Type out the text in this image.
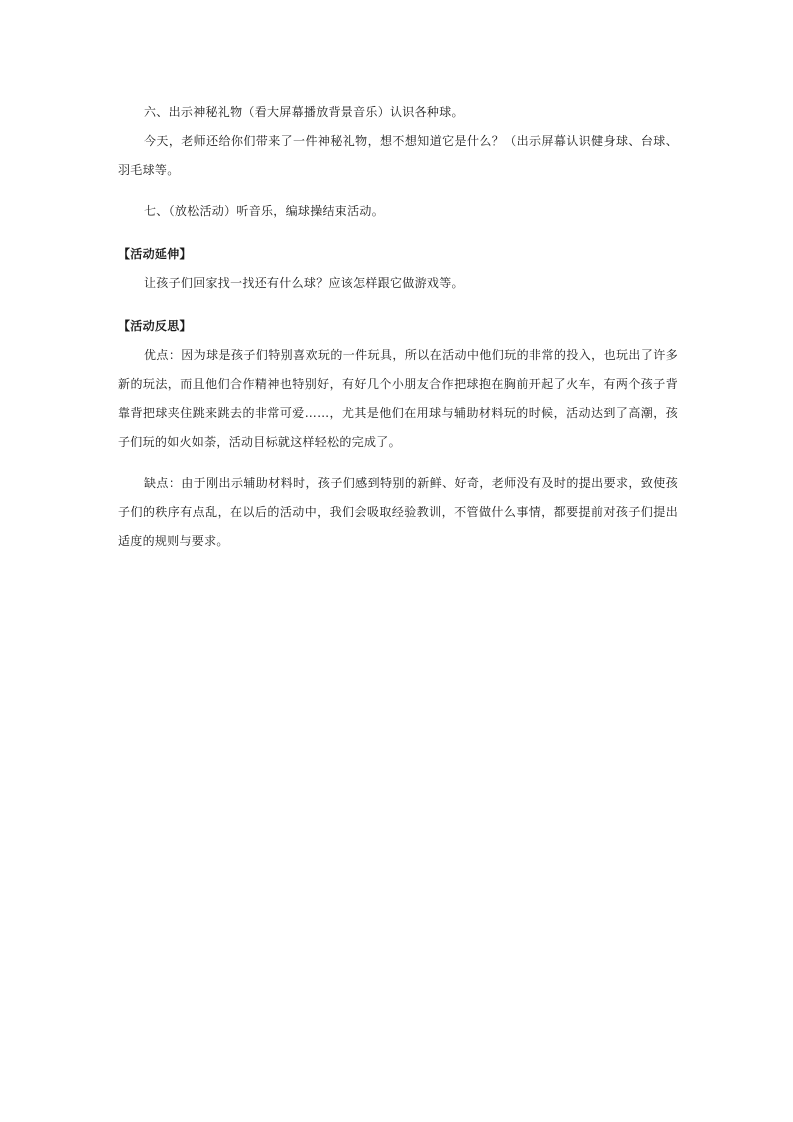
六、出示神秘礼物（看大屏幕播放背景音乐）认识各种球。

今天，老师还给你们带来了一件神秘礼物，想不想知道它是什么？（出示屏幕认识健身球、台球、羽毛球等。

七、（放松活动）听音乐，编球操结束活动。

【活动延伸】

让孩子们回家找一找还有什么球？应该怎样跟它做游戏等。

【活动反思】

优点：因为球是孩子们特别喜欢玩的一件玩具，所以在活动中他们玩的非常的投入，也玩出了许多新的玩法，而且他们合作精神也特别好，有好几个小朋友合作把球抱在胸前开起了火车，有两个孩子背靠背把球夹住跳来跳去的非常可爱……，尤其是他们在用球与辅助材料玩的时候，活动达到了高潮，孩子们玩的如火如荼，活动目标就这样轻松的完成了。

缺点：由于刚出示辅助材料时，孩子们感到特别的新鲜、好奇，老师没有及时的提出要求，致使孩子们的秩序有点乱，在以后的活动中，我们会吸取经验教训，不管做什么事情，都要提前对孩子们提出适度的规则与要求。
